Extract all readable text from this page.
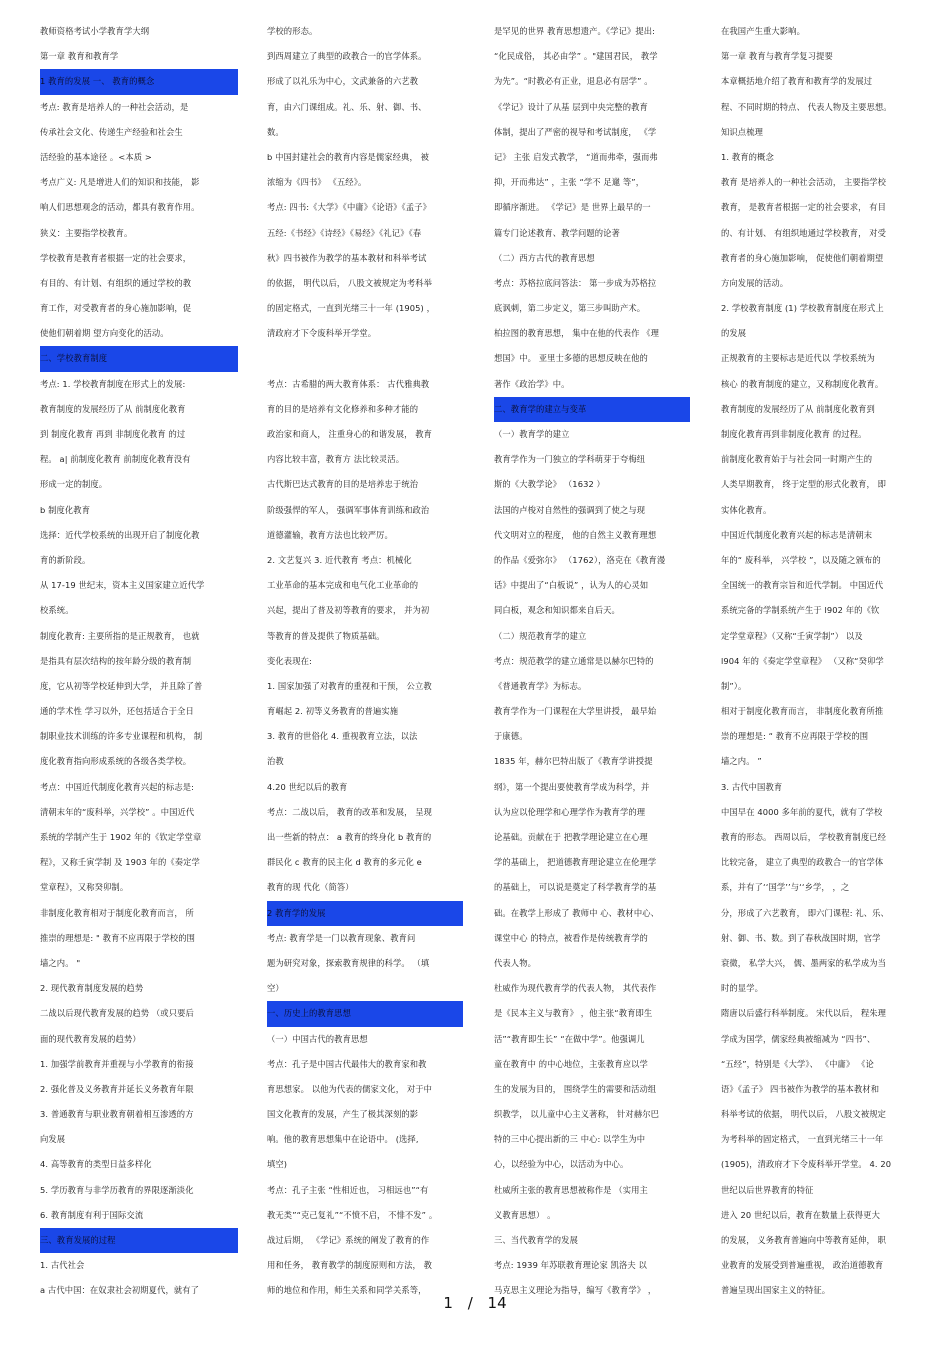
教师资格考试小学教育学大纲
第一章 教育和教育学
1 教育的发展 一、 教育的概念
考点: 教育是培养人的一种社会活动，是
传承社会文化、传递生产经验和社会生
活经验的基本途径 。<本质 >
考点广义: 凡是增进人们的知识和技能， 影
响人们思想观念的活动，都具有教育作用。
狭义：主要指学校教育。
学校教育是教育者根据一定的社会要求，
有目的、有计划、有组织的通过学校的教
育工作，对受教育者的身心施加影响，促
使他们朝着期 望方向变化的活动。
二、学校教育制度
考点: 1. 学校教育制度在形式上的发展:
教育制度的发展经历了从 前制度化教育
到 制度化教育 再到 非制度化教育 的过
程。 a| 前制度化教育 前制度化教育没有
形成一定的制度。
b 制度化教育
选择：近代学校系统的出现开启了制度化教
育的新阶段。
从 17-19 世纪末，资本主义国家建立近代学
校系统。
制度化教育: 主要所指的是正规教育， 也就
是指具有层次结构的按年龄分级的教育制
度，它从初等学校延伸到大学， 并且除了普
通的学术性 学习以外，还包括适合于全日
制职业技术训练的许多专业课程和机构， 制
度化教育指向形成系统的各级各类学校。
考点：中国近代制度化教育兴起的标志是:
清朝末年的“废科举，兴学校” 。中国近代
系统的学制产生于 1902 年的《钦定学堂章
程》，又称壬寅学制 及 1903 年的《奏定学
堂章程》，又称癸卯制。
非制度化教育相对于制度化教育而言， 所
推崇的理想是: " 教育不应再限于学校的围
墙之内。 "
2. 现代教育制度发展的趋势
二战以后现代教育发展的趋势 （或只要后
面的现代教育发展的趋势）
1. 加强学前教育并重视与小学教育的衔接
2. 强化普及义务教育并延长义务教育年限
3. 普通教育与职业教育朝着相互渗透的方
向发展
4. 高等教育的类型日益多样化
5. 学历教育与非学历教育的界限逐渐淡化
6. 教育制度有利于国际交流
三、教育发展的过程
1. 古代社会
a 古代中国：在奴隶社会初期夏代，就有了
学校的形态。
到西周建立了典型的政教合一的官学体系。
形成了以礼乐为中心，文武兼备的六艺教
育，由六门课组成。礼、乐、射、御、书、
数。
b 中国封建社会的教育内容是儒家经典， 被
浓缩为《四书》 《五经》。
考点: 四书:《大学》《中庸》《论语》《孟子》
五经:《书经》《诗经》《易经》《礼记》《春
秋》四书被作为教学的基本教材和科举考试
的依据， 明代以后， 八股文被规定为考科举
的固定格式，一直到光绪三十一年 (1905) ，
清政府才下令废科举开学堂。
考点：古希腊的两大教育体系： 古代雅典教
育的目的是培养有文化修养和多种才能的
政治家和商人， 注重身心的和谐发展， 教育
内容比较丰富，教育方 法比较灵活。
古代斯巴达式教育的目的是培养忠于统治
阶级强悍的军人， 强调军事体育训练和政治
道德灌输，教育方法也比较严厉。
2. 文艺复兴 3. 近代教育 考点：机械化
工业革命的基本完成和电气化工业革命的
兴起，提出了普及初等教育的要求， 并为初
等教育的普及提供了物质基础。
变化表现在:
1. 国家加强了对教育的重视和干预， 公立教
育崛起 2. 初等义务教育的普遍实施
3. 教育的世俗化 4. 重视教育立法，以法
治教
4.20 世纪以后的教育
考点：二战以后， 教育的改革和发展， 呈现
出一些新的特点： a 教育的终身化 b 教育的
群民化 c 教育的民主化 d 教育的多元化 e
教育的现 代化（简答）
2 教育学的发展
考点: 教育学是一门以教育现象、教育问
题为研究对象，探索教育规律的科学。 （填
空）
一、历史上的教育思想
（一）中国古代的教育思想
考点：孔子是中国古代最伟大的教育家和教
育思想家。 以他为代表的儒家文化， 对于中
国文化教育的发展，产生了极其深刻的影
响。他的教育思想集中在论语中。 (选择,
填空)
考点：孔子主张 “性相近也， 习相远也”“有
教无类”“克己复礼”“不愤不启， 不悱不发” 。
战过后期， 《学记》系统的阐发了教育的作
用和任务， 教育教学的制度原则和方法， 教
师的地位和作用，师生关系和同学关系等，
是罕见的世界 教育思想遗产。《学记》提出:
“化民成俗， 其必由学” 。"建国君民， 教学
为先”。“时教必有正业，退息必有居学” 。
《学记》设计了从基 层到中央完整的教育
体制，提出了严密的视导和考试制度， 《学
记》 主张 启发式教学， “道而弗牵，强而弗
抑，开而弗达” ，主张 “学不 足邋 等”，
即循序渐进。 《学记》是 世界上最早的一
篇专门论述教育、教学问题的论著
（二）西方古代的教育思想
考点：苏格拉底问答法： 第一步成为苏格拉
底讽刺，第二步定义，第三步叫助产术。
柏拉图的教育思想， 集中在他的代表作 《理
想国》中。 亚里士多德的思想反映在他的
著作《政治学》中。
二、教育学的建立与变革
（一）教育学的建立
教育学作为一门独立的学科萌芽于夸梅纽
斯的《大教学论》 （1632 ）
法国的卢梭对自然性的强调到了使之与现
代文明对立的程度， 他的自然主义教育理想
的作品《爱弥尔》 （1762），洛克在《教育漫
话》中提出了“白板说” ，认为人的心灵如
同白板，观念和知识都来自后天。
（二）规范教育学的建立
考点：规范教学的建立通常是以赫尔巴特的
《普通教育学》为标志。
教育学作为一门课程在大学里讲授， 最早始
于康德。
1835 年，赫尔巴特出版了《教育学讲授提
纲》，第一个提出要使教育学成为科学，并
认为应以伦理学和心理学作为教育学的理
论基础。贡献在于 把教学理论建立在心理
学的基础上， 把道德教育理论建立在伦理学
的基础上， 可以说是奠定了科学教育学的基
础。在教学上形成了 教师中 心、教材中心、
课堂中心 的特点，被看作是传统教育学的
代表人物。
杜威作为现代教育学的代表人物， 其代表作
是《民本主义与教育》 ，他主张“教育即生
活”“教育即生长” “在做中学”。他强调儿
童在教育中 的中心地位，主张教育应以学
生的发展为目的， 围绕学生的需要和活动组
织教学， 以儿童中心主义著称， 针对赫尔巴
特的三中心提出新的三 中心: 以学生为中
心，以经验为中心，以活动为中心。
杜威所主张的教育思想被称作是 （实用主
义教育思想） 。
三、当代教育学的发展
考点: 1939 年苏联教育理论家 凯洛夫 以
马克思主义理论为指导，编写《教育学》 ，
在我国产生重大影响。
第一章 教育与教育学复习提要
本章概括地介绍了教育和教育学的发展过
程、不同时期的特点、 代表人物及主要思想。
知识点梳理
1. 教育的概念
教育 是培养人的一种社会活动， 主要指学校
教育， 是教育者根据一定的社会要求， 有目
的、有计划、 有组织地通过学校教育， 对受
教育者的身心施加影响， 促使他们朝着期望
方向发展的活动。
2. 学校教育制度 (1) 学校教育制度在形式上
的发展
正规教育的主要标志是近代以 学校系统为
核心 的教育制度的建立，又称制度化教育。
教育制度的发展经历了从 前制度化教育到
制度化教育再到非制度化教育 的过程。
前制度化教育始于与社会同一时期产生的
人类早期教育， 终于定型的形式化教育， 即
实体化教育。
中国近代制度化教育兴起的标志是清朝末
年的“ 废科举， 兴学校 ”，以及随之颁布的
全国统一的教育宗旨和近代学制。 中国近代
系统完备的学制系统产生于 l902 年的《钦
定学堂章程》（又称“壬寅学制”） 以及
l904 年的《奏定学堂章程》 （又称“癸卯学
制”）。
相对于制度化教育而言， 非制度化教育所推
崇的理想是: “ 教育不应再限于学校的围
墙之内。 ”
3. 古代中国教育
中国早在 4000 多年前的夏代，就有了学校
教育的形态。 西周以后， 学校教育制度已经
比较完备， 建立了典型的政教合一的官学体
系，并有了‘‘国学’’与‘‘乡学， ，之
分，形成了六艺教育， 即六门课程: 礼、乐、
射、御、书、数。到了春秋战国时期，官学
衰微， 私学大兴， 儒、墨两家的私学成为当
时的显学。
隋唐以后盛行科举制度。 宋代以后， 程朱理
学成为国学，儒家经典被缩减为 “四书”、
“五经”，特别是《大学》、 《中庸》 《论
语》《孟子》 四书被作为教学的基本教材和
科举考试的依据， 明代以后， 八股文被规定
为考科举的固定格式， 一直到光绪三十一年
(1905)，清政府才下令废科举开学堂。 4. 20
世纪以后世界教育的特征
进入 20 世纪以后，教育在数量上获得更大
的发展， 义务教育普遍向中等教育延伸， 职
业教育的发展受到普遍重视， 政治道德教育
普遍呈现出国家主义的特征。
1 / 14
